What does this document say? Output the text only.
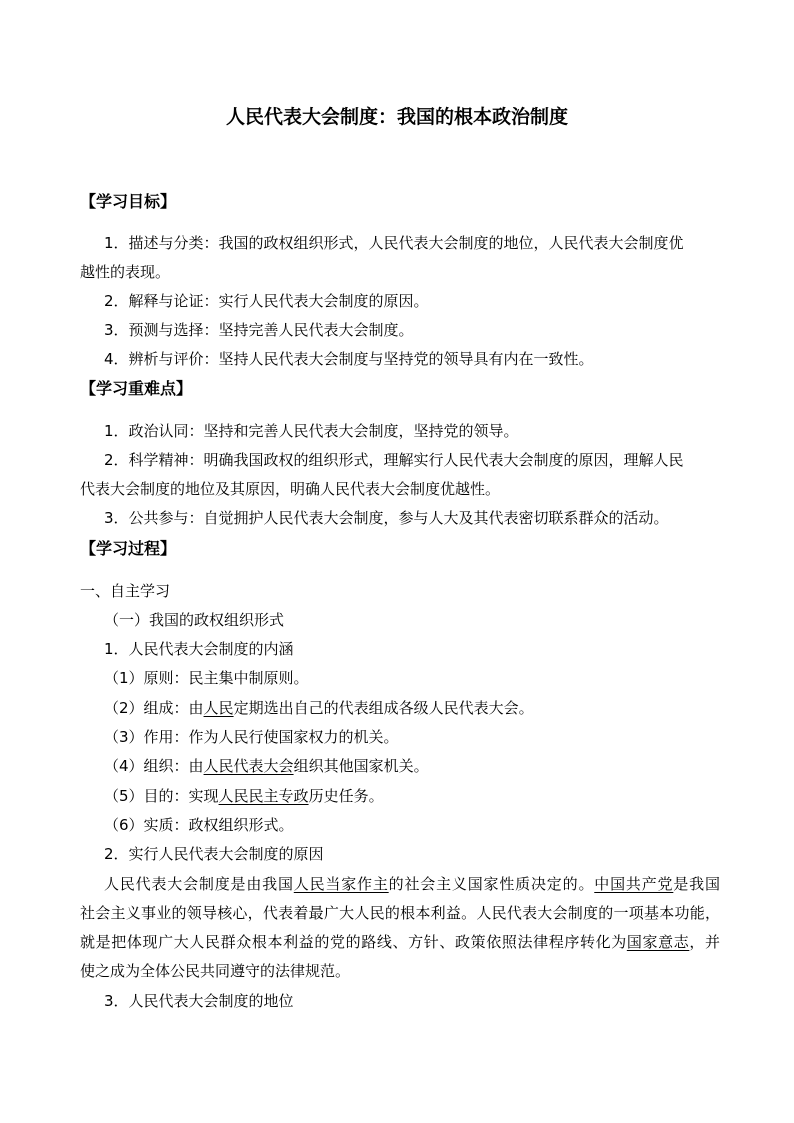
人民代表大会制度：我国的根本政治制度
【学习目标】
1．描述与分类：我国的政权组织形式，人民代表大会制度的地位，人民代表大会制度优
越性的表现。
2．解释与论证：实行人民代表大会制度的原因。
3．预测与选择：坚持完善人民代表大会制度。
4．辨析与评价：坚持人民代表大会制度与坚持党的领导具有内在一致性。
【学习重难点】
1．政治认同：坚持和完善人民代表大会制度，坚持党的领导。
2．科学精神：明确我国政权的组织形式，理解实行人民代表大会制度的原因，理解人民
代表大会制度的地位及其原因，明确人民代表大会制度优越性。
3．公共参与：自觉拥护人民代表大会制度，参与人大及其代表密切联系群众的活动。
【学习过程】
一、自主学习
（一）我国的政权组织形式
1．人民代表大会制度的内涵
（1）原则：民主集中制原则。
（2）组成：由人民定期选出自己的代表组成各级人民代表大会。
（3）作用：作为人民行使国家权力的机关。
（4）组织：由人民代表大会组织其他国家机关。
（5）目的：实现人民民主专政历史任务。
（6）实质：政权组织形式。
2．实行人民代表大会制度的原因
人民代表大会制度是由我国人民当家作主的社会主义国家性质决定的。中国共产党是我国
社会主义事业的领导核心，代表着最广大人民的根本利益。人民代表大会制度的一项基本功能，
就是把体现广大人民群众根本利益的党的路线、方针、政策依照法律程序转化为国家意志，并
使之成为全体公民共同遵守的法律规范。
3．人民代表大会制度的地位
